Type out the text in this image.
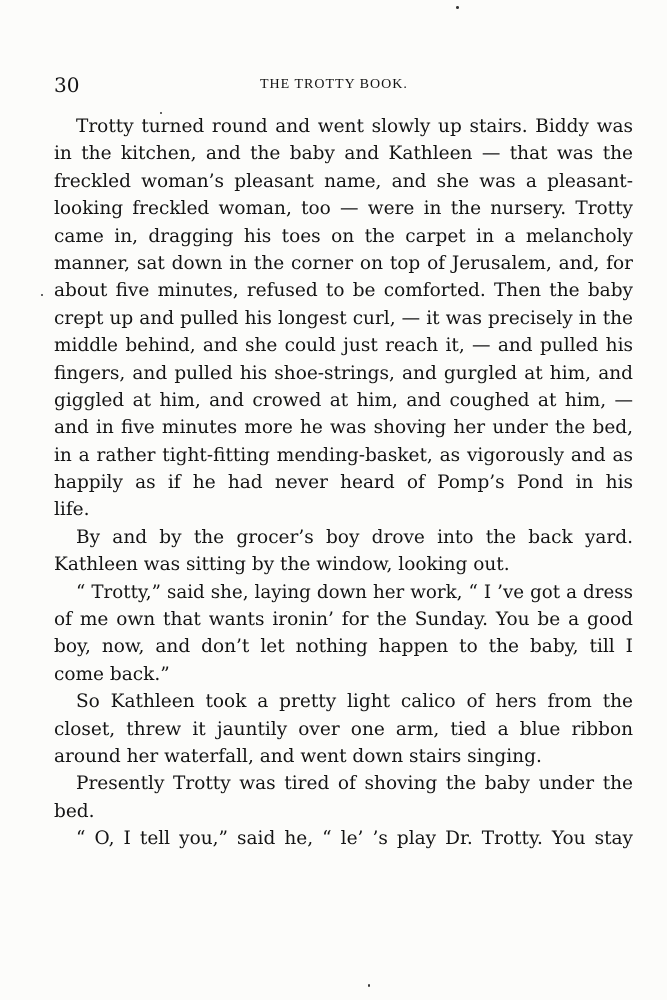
30	THE TROTTY BOOK.
Trotty turned round and went slowly up stairs. Biddy was
in the kitchen, and the baby and Kathleen — that was the
freckled woman’s pleasant name, and she was a pleasant-
looking freckled woman, too — were in the nursery. Trotty
came in, dragging his toes on the carpet in a melancholy
manner, sat down in the corner on top of Jerusalem, and, for
about five minutes, refused to be comforted. Then the baby
crept up and pulled his longest curl, — it was precisely in the
middle behind, and she could just reach it, — and pulled his
fingers, and pulled his shoe-strings, and gurgled at him, and
giggled at him, and crowed at him, and coughed at him, —
and in five minutes more he was shoving her under the bed,
in a rather tight-fitting mending-basket, as vigorously and as
happily as if he had never heard of Pomp’s Pond in his
life.
By and by the grocer’s boy drove into the back yard.
Kathleen was sitting by the window, looking out.
“ Trotty,” said she, laying down her work, “ I ’ve got a dress
of me own that wants ironin’ for the Sunday. You be a good
boy, now, and don’t let nothing happen to the baby, till I
come back.”
So Kathleen took a pretty light calico of hers from the
closet, threw it jauntily over one arm, tied a blue ribbon
around her waterfall, and went down stairs singing.
Presently Trotty was tired of shoving the baby under the
bed.
“ O, I tell you,” said he, “ le’ ’s play Dr. Trotty. You stay
